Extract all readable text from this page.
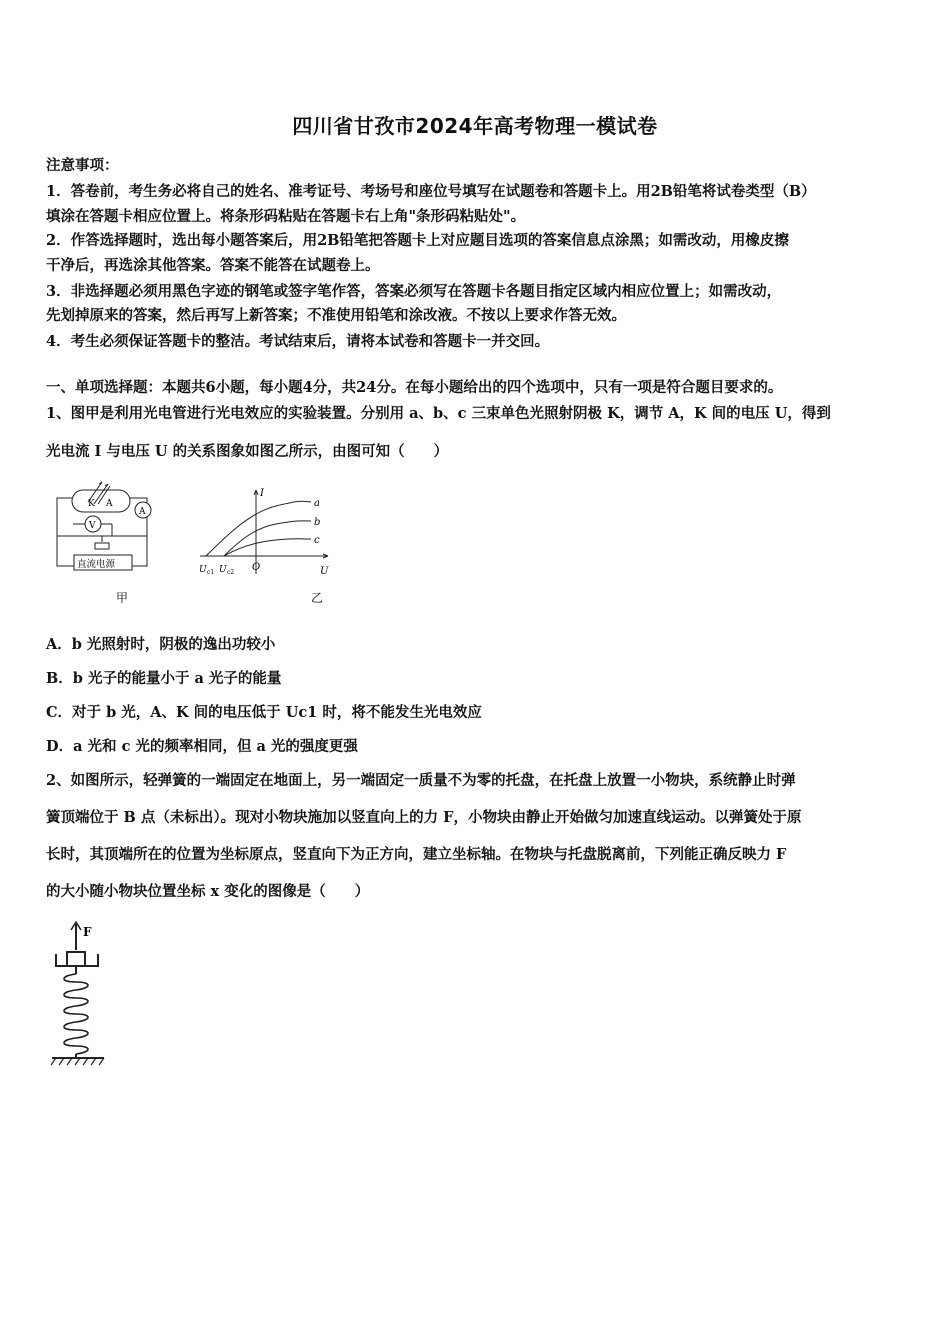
四川省甘孜市2024年高考物理一模试卷
注意事项：
1．答卷前，考生务必将自己的姓名、准考证号、考场号和座位号填写在试题卷和答题卡上。用2B铅笔将试卷类型（B）
填涂在答题卡相应位置上。将条形码粘贴在答题卡右上角"条形码粘贴处"。
2．作答选择题时，选出每小题答案后，用2B铅笔把答题卡上对应题目选项的答案信息点涂黑；如需改动，用橡皮擦
干净后，再选涂其他答案。答案不能答在试题卷上。
3．非选择题必须用黑色字迹的钢笔或签字笔作答，答案必须写在答题卡各题目指定区域内相应位置上；如需改动，
先划掉原来的答案，然后再写上新答案；不准使用铅笔和涂改液。不按以上要求作答无效。
4．考生必须保证答题卡的整洁。考试结束后，请将本试卷和答题卡一并交回。
一、单项选择题：本题共6小题，每小题4分，共24分。在每小题给出的四个选项中，只有一项是符合题目要求的。
1、图甲是利用光电管进行光电效应的实验装置。分别用 a、b、c 三束单色光照射阴极 K，调节 A，K 间的电压 U，得到
光电流 I 与电压 U 的关系图象如图乙所示，由图可知（　　）
K A
A
V
直流电源
甲
I
U
O
U c1 U c2
a
b
c
乙
A．b 光照射时，阴极的逸出功较小
B．b 光子的能量小于 a 光子的能量
C．对于 b 光，A、K 间的电压低于 Uc1 时，将不能发生光电效应
D．a 光和 c 光的频率相同，但 a 光的强度更强
2、如图所示，轻弹簧的一端固定在地面上，另一端固定一质量不为零的托盘，在托盘上放置一小物块，系统静止时弹
簧顶端位于 B 点（未标出）。现对小物块施加以竖直向上的力 F，小物块由静止开始做匀加速直线运动。以弹簧处于原
长时，其顶端所在的位置为坐标原点，竖直向下为正方向，建立坐标轴。在物块与托盘脱离前，下列能正确反映力 F
的大小随小物块位置坐标 x 变化的图像是（　　）
F
